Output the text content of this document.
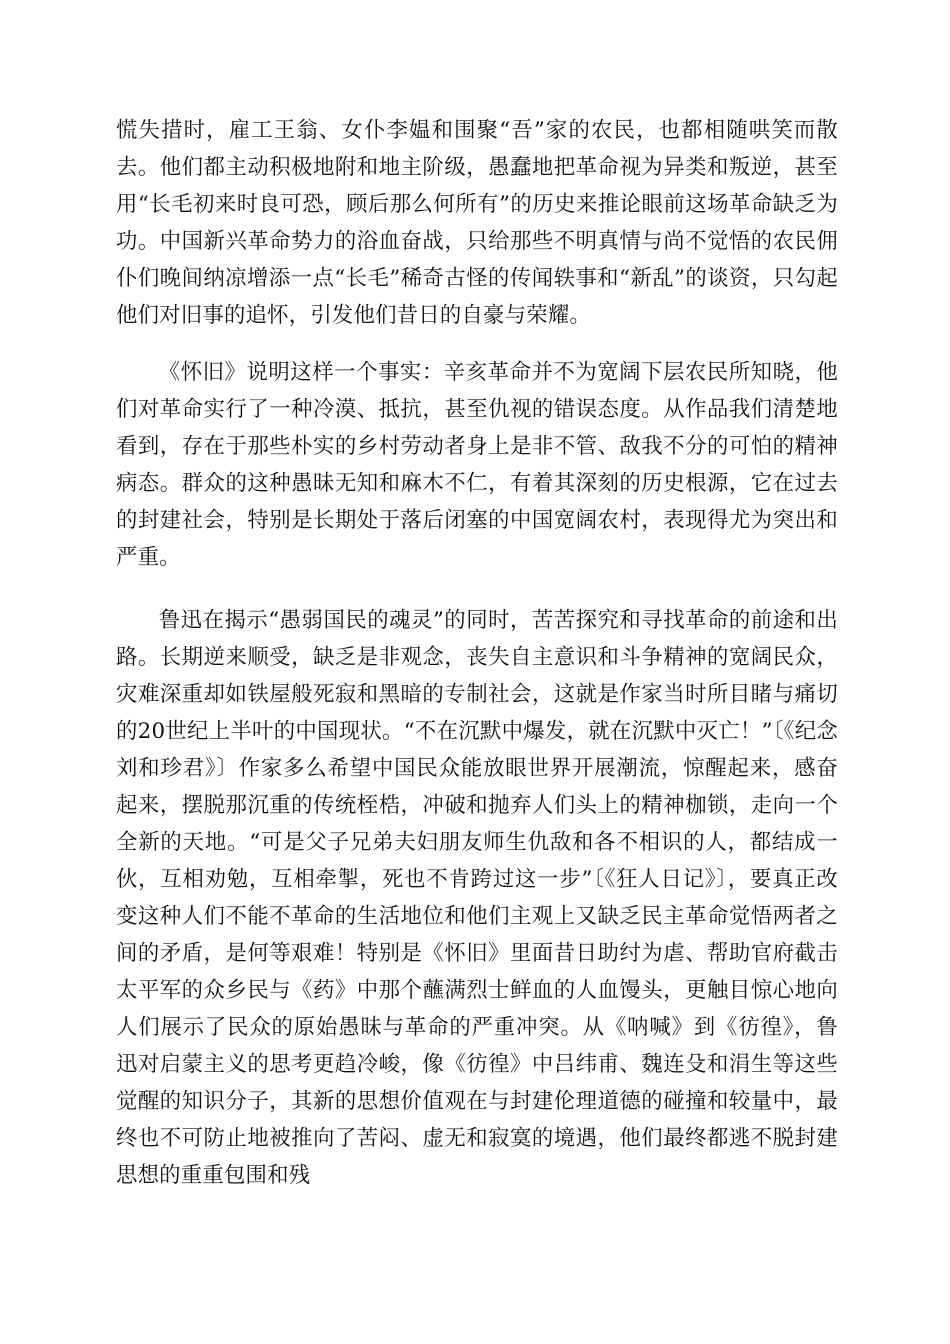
慌失措时，雇工王翁、女仆李媪和围聚“吾”家的农民，也都相随哄笑而散去。他们都主动积极地附和地主阶级，愚蠢地把革命视为异类和叛逆，甚至用“长毛初来时良可恐，顾后那么何所有”的历史来推论眼前这场革命缺乏为功。中国新兴革命势力的浴血奋战，只给那些不明真情与尚不觉悟的农民佣仆们晚间纳凉增添一点“长毛”稀奇古怪的传闻轶事和“新乱”的谈资，只勾起他们对旧事的追怀，引发他们昔日的自豪与荣耀。

《怀旧》说明这样一个事实：辛亥革命并不为宽阔下层农民所知晓，他们对革命实行了一种冷漠、抵抗，甚至仇视的错误态度。从作品我们清楚地看到，存在于那些朴实的乡村劳动者身上是非不管、敌我不分的可怕的精神病态。群众的这种愚昧无知和麻木不仁，有着其深刻的历史根源，它在过去的封建社会，特别是长期处于落后闭塞的中国宽阔农村，表现得尤为突出和严重。

鲁迅在揭示“愚弱国民的魂灵”的同时，苦苦探究和寻找革命的前途和出路。长期逆来顺受，缺乏是非观念，丧失自主意识和斗争精神的宽阔民众，灾难深重却如铁屋般死寂和黑暗的专制社会，这就是作家当时所目睹与痛切的20世纪上半叶的中国现状。“不在沉默中爆发，就在沉默中灭亡！”〔《纪念刘和珍君》〕作家多么希望中国民众能放眼世界开展潮流，惊醒起来，感奋起来，摆脱那沉重的传统桎梏，冲破和抛弃人们头上的精神枷锁，走向一个全新的天地。“可是父子兄弟夫妇朋友师生仇敌和各不相识的人，都结成一伙，互相劝勉，互相牵掣，死也不肯跨过这一步”〔《狂人日记》〕，要真正改变这种人们不能不革命的生活地位和他们主观上又缺乏民主革命觉悟两者之间的矛盾，是何等艰难！特别是《怀旧》里面昔日助纣为虐、帮助官府截击太平军的众乡民与《药》中那个蘸满烈士鲜血的人血馒头，更触目惊心地向人们展示了民众的原始愚昧与革命的严重冲突。从《呐喊》到《彷徨》，鲁迅对启蒙主义的思考更趋冷峻，像《彷徨》中吕纬甫、魏连殳和涓生等这些觉醒的知识分子，其新的思想价值观在与封建伦理道德的碰撞和较量中，最终也不可防止地被推向了苦闷、虚无和寂寞的境遇，他们最终都逃不脱封建思想的重重包围和残
